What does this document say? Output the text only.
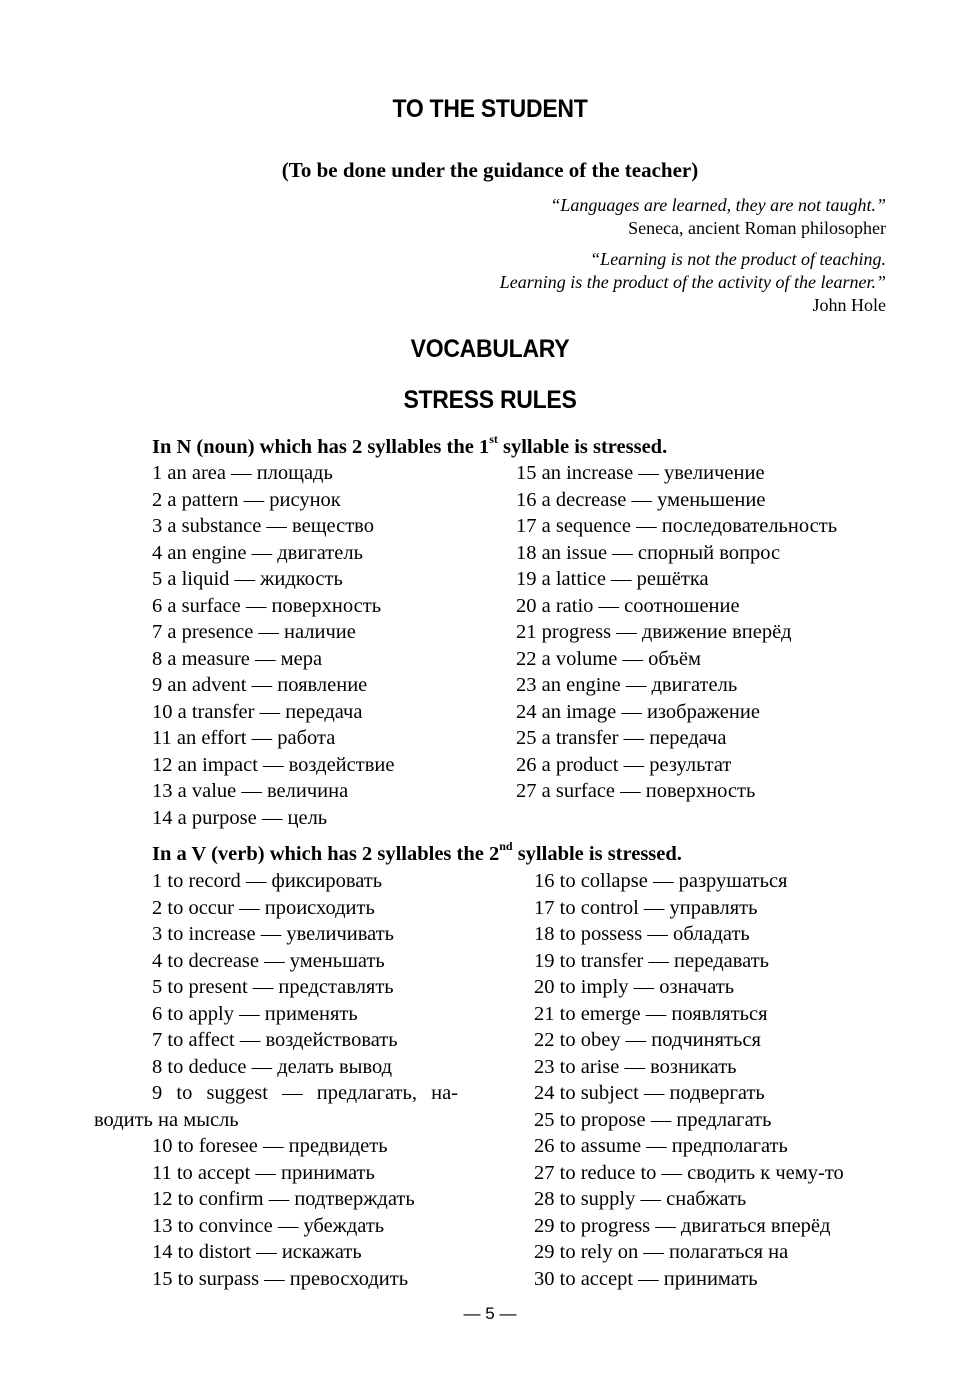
TO THE STUDENT
(To be done under the guidance of the teacher)
“Languages are learned, they are not taught.”
Seneca, ancient Roman philosopher
“Learning is not the product of teaching.
Learning is the product of the activity of the learner.”
John Hole
VOCABULARY
STRESS RULES
In N (noun) which has 2 syllables the 1st syllable is stressed.
1 an area — площадь
2 a pattern — рисунок
3 a substance — вещество
4 an engine — двигатель
5 a liquid — жидкость
6 a surface — поверхность
7 a presence — наличие
8 a measure — мера
9 an advent — появление
10 a transfer — передача
11 an effort — работа
12 an impact — воздействие
13 a value — величина
14 a purpose — цель
15 an increase — увеличение
16 a decrease — уменьшение
17 a sequence — последовательность
18 an issue — спорный вопрос
19 a lattice — решётка
20 a ratio — соотношение
21 progress — движение вперёд
22 a volume — объём
23 an engine — двигатель
24 an image — изображение
25 a transfer — передача
26 a product — результат
27 a surface — поверхность
In a V (verb) which has 2 syllables the 2nd syllable is stressed.
1 to record — фиксировать
2 to occur — происходить
3 to increase — увеличивать
4 to decrease — уменьшать
5 to present — представлять
6 to apply — применять
7 to affect — воздействовать
8 to deduce — делать вывод
9 to suggest — предлагать, на-
водить на мысль
10 to foresee — предвидеть
11 to accept — принимать
12 to confirm — подтверждать
13 to convince — убеждать
14 to distort — искажать
15 to surpass — превосходить
16 to collapse — разрушаться
17 to control — управлять
18 to possess — обладать
19 to transfer — передавать
20 to imply — означать
21 to emerge — появляться
22 to obey — подчиняться
23 to arise — возникать
24 to subject — подвергать
25 to propose — предлагать
26 to assume — предполагать
27 to reduce to — сводить к чему-то
28 to supply — снабжать
29 to progress — двигаться вперёд
29 to rely on — полагаться на
30 to accept — принимать
— 5 —
